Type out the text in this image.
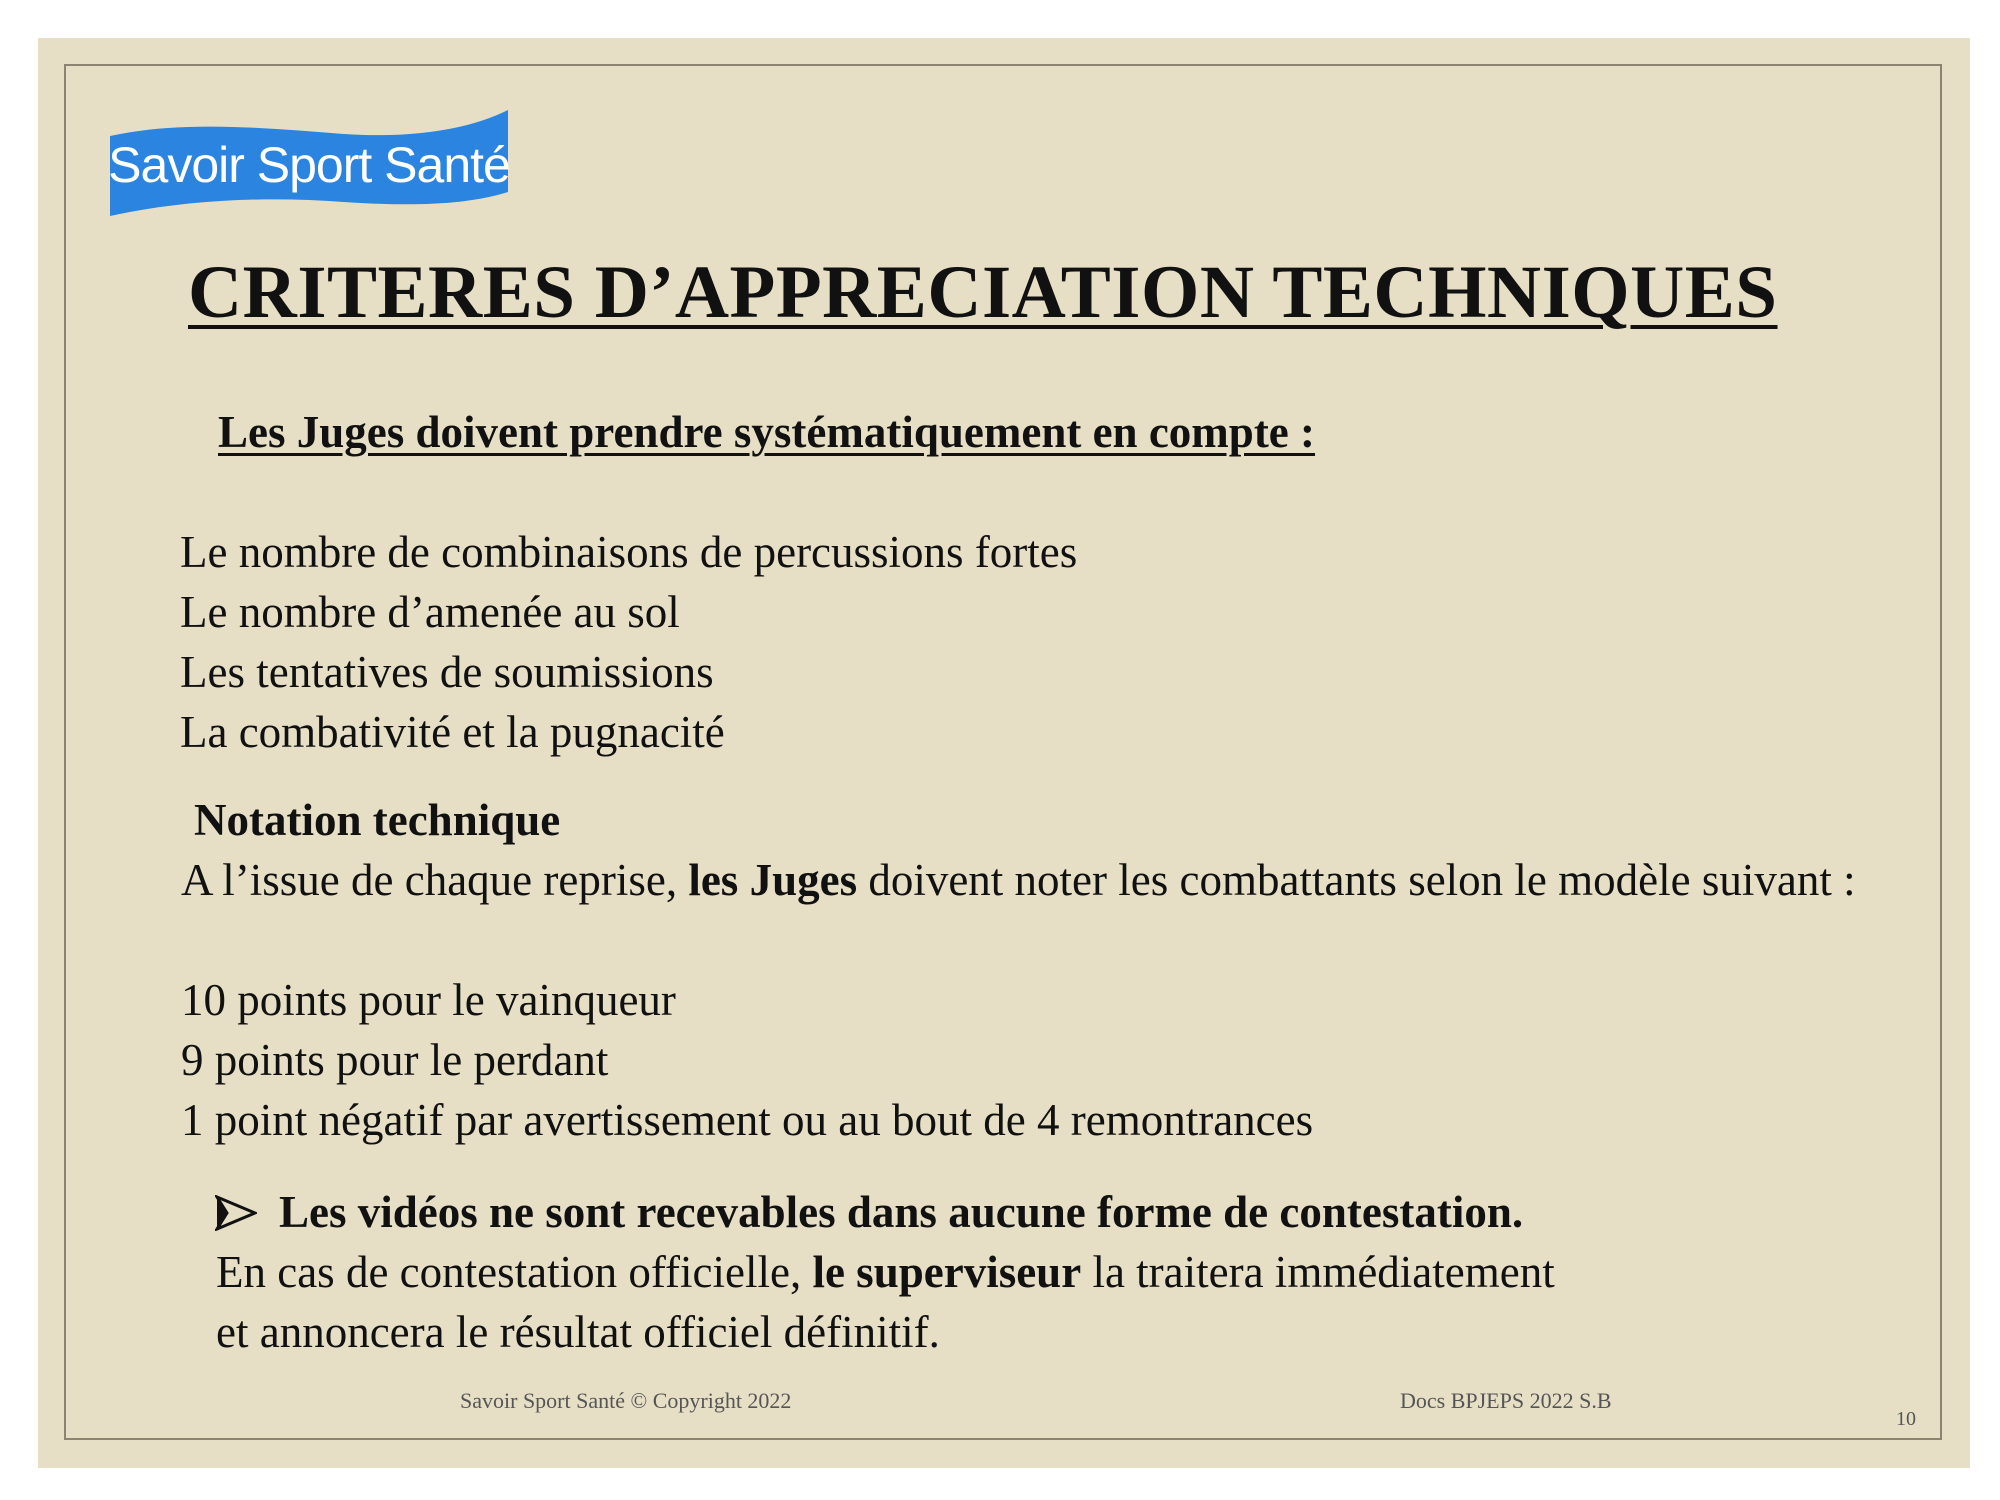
Savoir Sport Santé
CRITERES D’APPRECIATION TECHNIQUES
Les Juges doivent prendre systématiquement en compte :
Le nombre de combinaisons de percussions fortes
Le nombre d’amenée au sol
Les tentatives de soumissions
La combativité et la pugnacité
Notation technique
A l’issue de chaque reprise, les Juges doivent noter les combattants selon le modèle suivant :
10 points pour le vainqueur
9 points pour le perdant
1 point négatif par avertissement ou au bout de 4 remontrances
Les vidéos ne sont recevables dans aucune forme de contestation.
En cas de contestation officielle, le superviseur la traitera immédiatement
et annoncera le résultat officiel définitif.
Savoir Sport Santé © Copyright 2022	Docs BPJEPS 2022 S.B
10
